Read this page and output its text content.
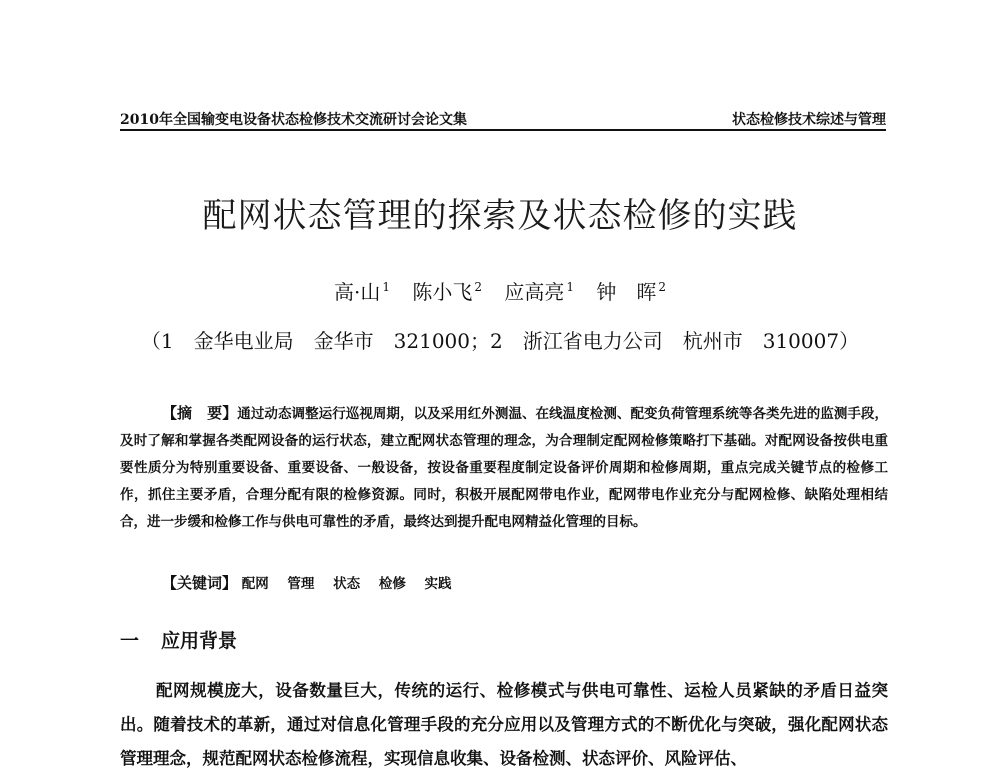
2010年全国输变电设备状态检修技术交流研讨会论文集	状态检修技术综述与管理
配网状态管理的探索及状态检修的实践
高·山 $^1$ 陈小飞 $^2$ 应高亮 $^1$ 钟　晖 $^2$
（1　金华电业局　金华市　321000；2　浙江省电力公司　杭州市　310007）
【摘　要】通过动态调整运行巡视周期，以及采用红外测温、在线温度检测、配变负荷管理系统等各类先进的监测手段，及时了解和掌握各类配网设备的运行状态，建立配网状态管理的理念，为合理制定配网检修策略打下基础。对配网设备按供电重要性质分为特别重要设备、重要设备、一般设备，按设备重要程度制定设备评价周期和检修周期，重点完成关键节点的检修工作，抓住主要矛盾，合理分配有限的检修资源。同时，积极开展配网带电作业，配网带电作业充分与配网检修、缺陷处理相结合，进一步缓和检修工作与供电可靠性的矛盾，最终达到提升配电网精益化管理的目标。
【关键词】 配网 管理 状态 检修 实践
一 应用背景
配网规模庞大，设备数量巨大，传统的运行、检修模式与供电可靠性、运检人员紧缺的矛盾日益突出。随着技术的革新，通过对信息化管理手段的充分应用以及管理方式的不断优化与突破，强化配网状态管理理念，规范配网状态检修流程，实现信息收集、设备检测、状态评价、风险评估、
